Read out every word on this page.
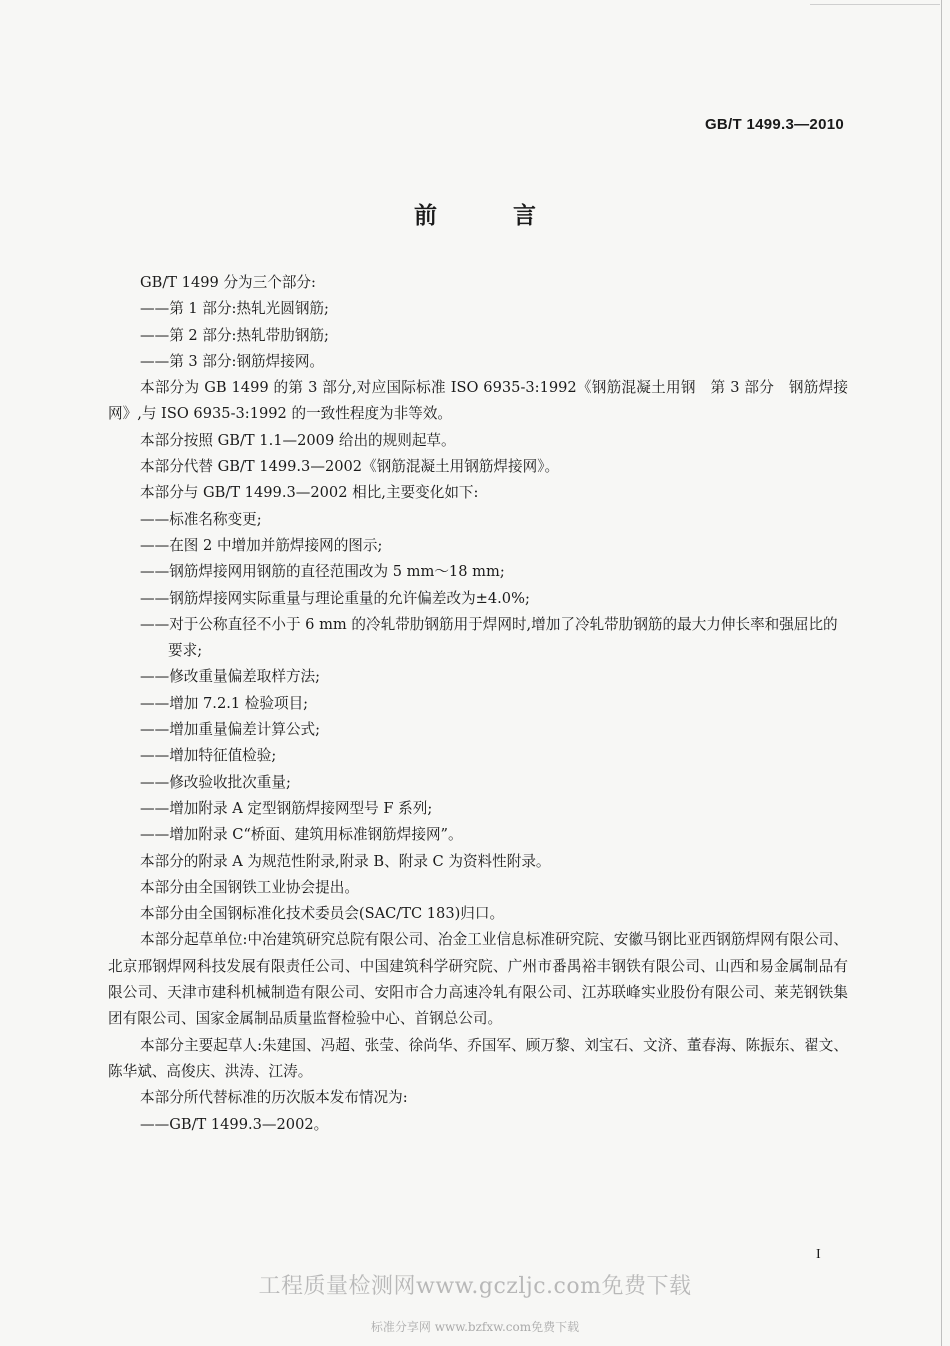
GB/T 1499.3—2010
前 言

GB/T 1499 分为三个部分:

——第 1 部分:热轧光圆钢筋;

——第 2 部分:热轧带肋钢筋;

——第 3 部分:钢筋焊接网。

本部分为 GB 1499 的第 3 部分,对应国际标准 ISO 6935-3:1992《钢筋混凝土用钢　第 3 部分　钢筋焊接网》,与 ISO 6935-3:1992 的一致性程度为非等效。

本部分按照 GB/T 1.1—2009 给出的规则起草。

本部分代替 GB/T 1499.3—2002《钢筋混凝土用钢筋焊接网》。

本部分与 GB/T 1499.3—2002 相比,主要变化如下:

——标准名称变更;

——在图 2 中增加并筋焊接网的图示;

——钢筋焊接网用钢筋的直径范围改为 5 mm～18 mm;

——钢筋焊接网实际重量与理论重量的允许偏差改为±4.0%;

——对于公称直径不小于 6 mm 的冷轧带肋钢筋用于焊网时,增加了冷轧带肋钢筋的最大力伸长率和强屈比的要求;

——修改重量偏差取样方法;

——增加 7.2.1 检验项目;

——增加重量偏差计算公式;

——增加特征值检验;

——修改验收批次重量;

——增加附录 A 定型钢筋焊接网型号 F 系列;

——增加附录 C“桥面、建筑用标准钢筋焊接网”。

本部分的附录 A 为规范性附录,附录 B、附录 C 为资料性附录。

本部分由全国钢铁工业协会提出。

本部分由全国钢标准化技术委员会(SAC/TC 183)归口。

本部分起草单位:中冶建筑研究总院有限公司、冶金工业信息标准研究院、安徽马钢比亚西钢筋焊网有限公司、北京邢钢焊网科技发展有限责任公司、中国建筑科学研究院、广州市番禺裕丰钢铁有限公司、山西和易金属制品有限公司、天津市建科机械制造有限公司、安阳市合力高速冷轧有限公司、江苏联峰实业股份有限公司、莱芜钢铁集团有限公司、国家金属制品质量监督检验中心、首钢总公司。

本部分主要起草人:朱建国、冯超、张莹、徐尚华、乔国军、顾万黎、刘宝石、文济、董春海、陈振东、翟文、陈华斌、高俊庆、洪涛、江涛。

本部分所代替标准的历次版本发布情况为:

——GB/T 1499.3—2002。

I
工程质量检测网www.gczljc.com免费下载
标准分享网 www.bzfxw.com免费下载
